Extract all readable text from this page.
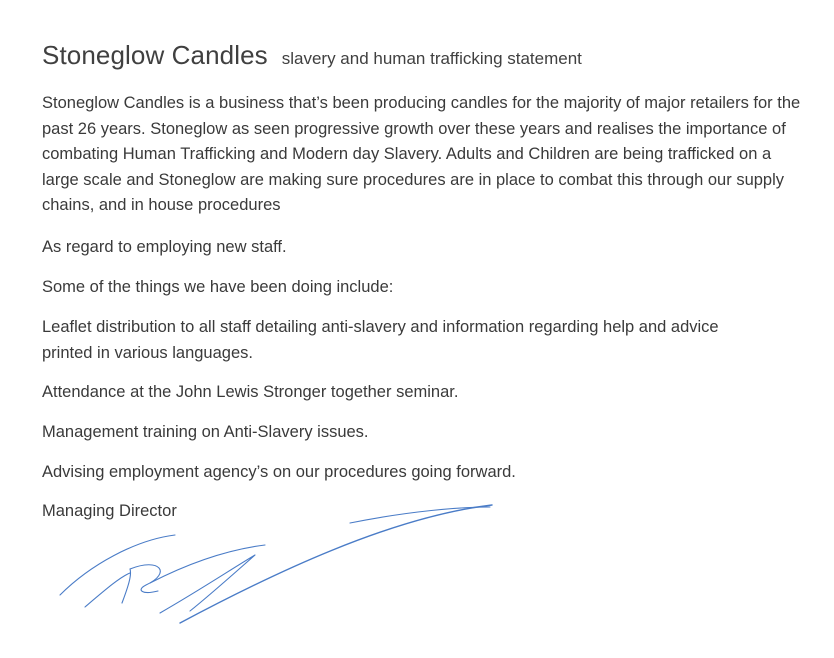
Stoneglow Candles slavery and human trafficking statement

Stoneglow Candles is a business that’s been producing candles for the majority of major retailers for the past 26 years. Stoneglow as seen progressive growth over these years and realises the importance of combating Human Trafficking and Modern day Slavery. Adults and Children are being trafficked on a large scale and Stoneglow are making sure procedures are in place to combat this through our supply chains, and in house procedures

As regard to employing new staff.

Some of the things we have been doing include:

Leaflet distribution to all staff detailing anti-slavery and information regarding help and advice printed in various languages.

Attendance at the John Lewis Stronger together seminar.

Management training on Anti-Slavery issues.

Advising employment agency’s on our procedures going forward.

Managing Director
